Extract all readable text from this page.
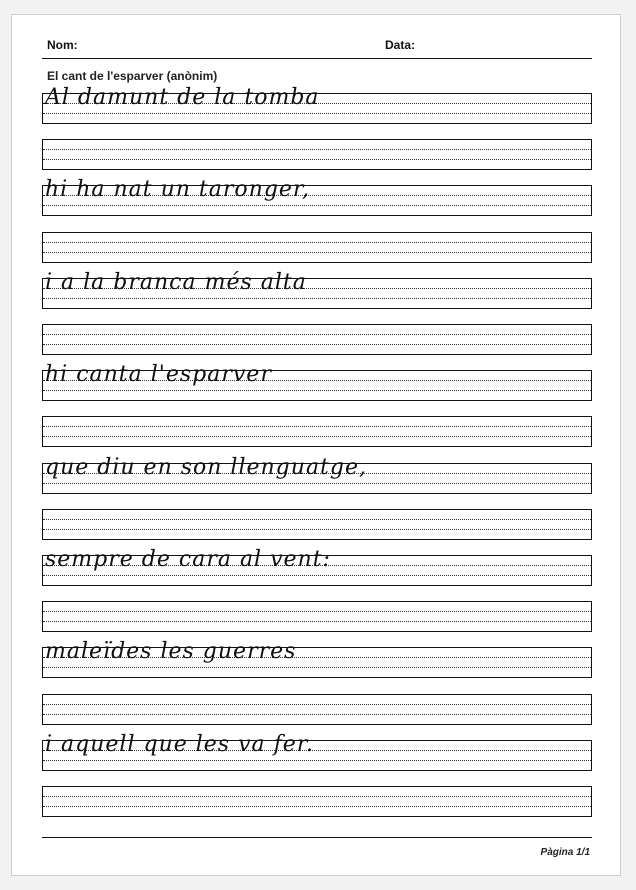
Nom:	Data:
El cant de l'esparver (anònim)
Pàgina 1/1
Al damunt de la tomba
hi ha nat un taronger,
i a la branca més alta
hi canta l'esparver
que diu en son llenguatge,
sempre de cara al vent:
maleïdes les guerres
i aquell que les va fer.
